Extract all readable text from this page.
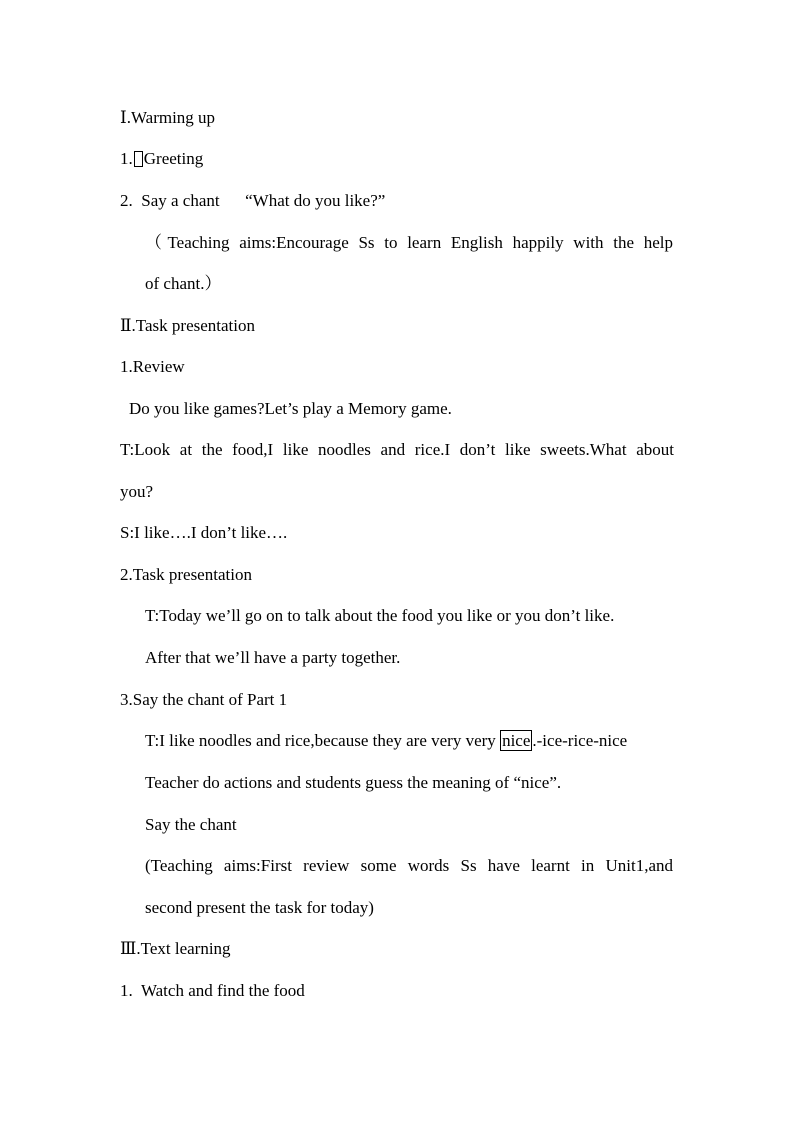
Ⅰ.Warming up
1. Greeting
2.  Say a chant      “What do you like?”
（Teaching aims:Encourage Ss to learn English happily with the help
of chant.）
Ⅱ.Task presentation
1.Review
Do you like games?Let’s play a Memory game.
T:Look at the food,I like noodles and rice.I don’t like sweets.What about
you?
S:I like….I don’t like….
2.Task presentation
T:Today we’ll go on to talk about the food you like or you don’t like.
After that we’ll have a party together.
3.Say the chant of Part 1
T:I like noodles and rice,because they are very very nice .-ice-rice-nice
Teacher do actions and students guess the meaning of “nice”.
Say the chant
(Teaching aims:First review some words Ss have learnt in Unit1,and
second present the task for today)
Ⅲ.Text learning
1.  Watch and find the food
